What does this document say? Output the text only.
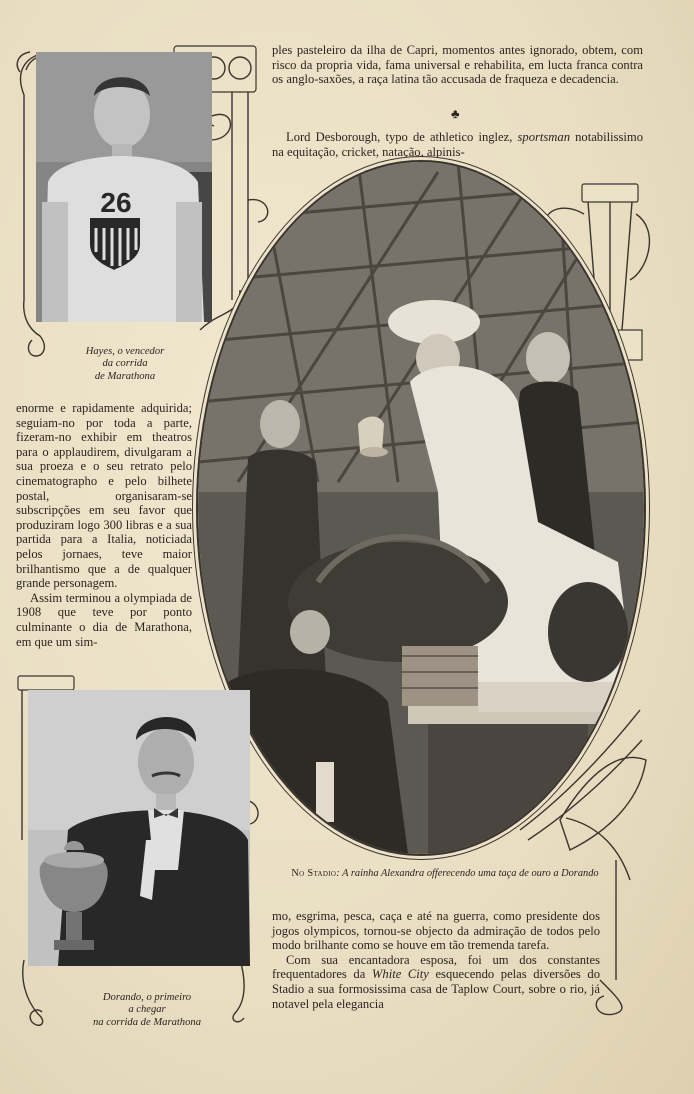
ples pasteleiro da ilha de Capri, momentos antes ignorado, obtem, com risco da propria vida, fama universal e rehabilita, em lucta franca contra os anglo-saxões, a raça latina tão accusada de fraqueza e decadencia.

♣

Lord Desborough, typo de athletico inglez, sportsman notabilissimo na equitação, cricket, natação, alpinis-

26
Hayes, o vencedor
da corrida
de Marathona

enorme e rapidamente adquirida; seguiam-no por toda a parte, fizeram-no exhibir em theatros para o applaudirem, divulgaram a sua proeza e o seu retrato pelo cinematographo e pelo bilhete postal, organisaram-se subscripções em seu favor que produziram logo 300 libras e a sua partida para a Italia, noticiada pelos jornaes, teve maior brilhantismo que a de qualquer grande personagem.

Assim terminou a olympiada de 1908 que teve por ponto culminante o dia de Marathona, em que um sim-

No Stadio: A rainha Alexandra offerecendo uma taça de ouro a Dorando
Dorando, o primeiro
a chegar
na corrida de Marathona

mo, esgrima, pesca, caça e até na guerra, como presidente dos jogos olympicos, tornou-se objecto da admiração de todos pelo modo brilhante como se houve em tão tremenda tarefa.

Com sua encantadora esposa, foi um dos constantes frequentadores da White City esquecendo pelas diversões do Stadio a sua formosissima casa de Taplow Court, sobre o rio, já notavel pela elegancia
